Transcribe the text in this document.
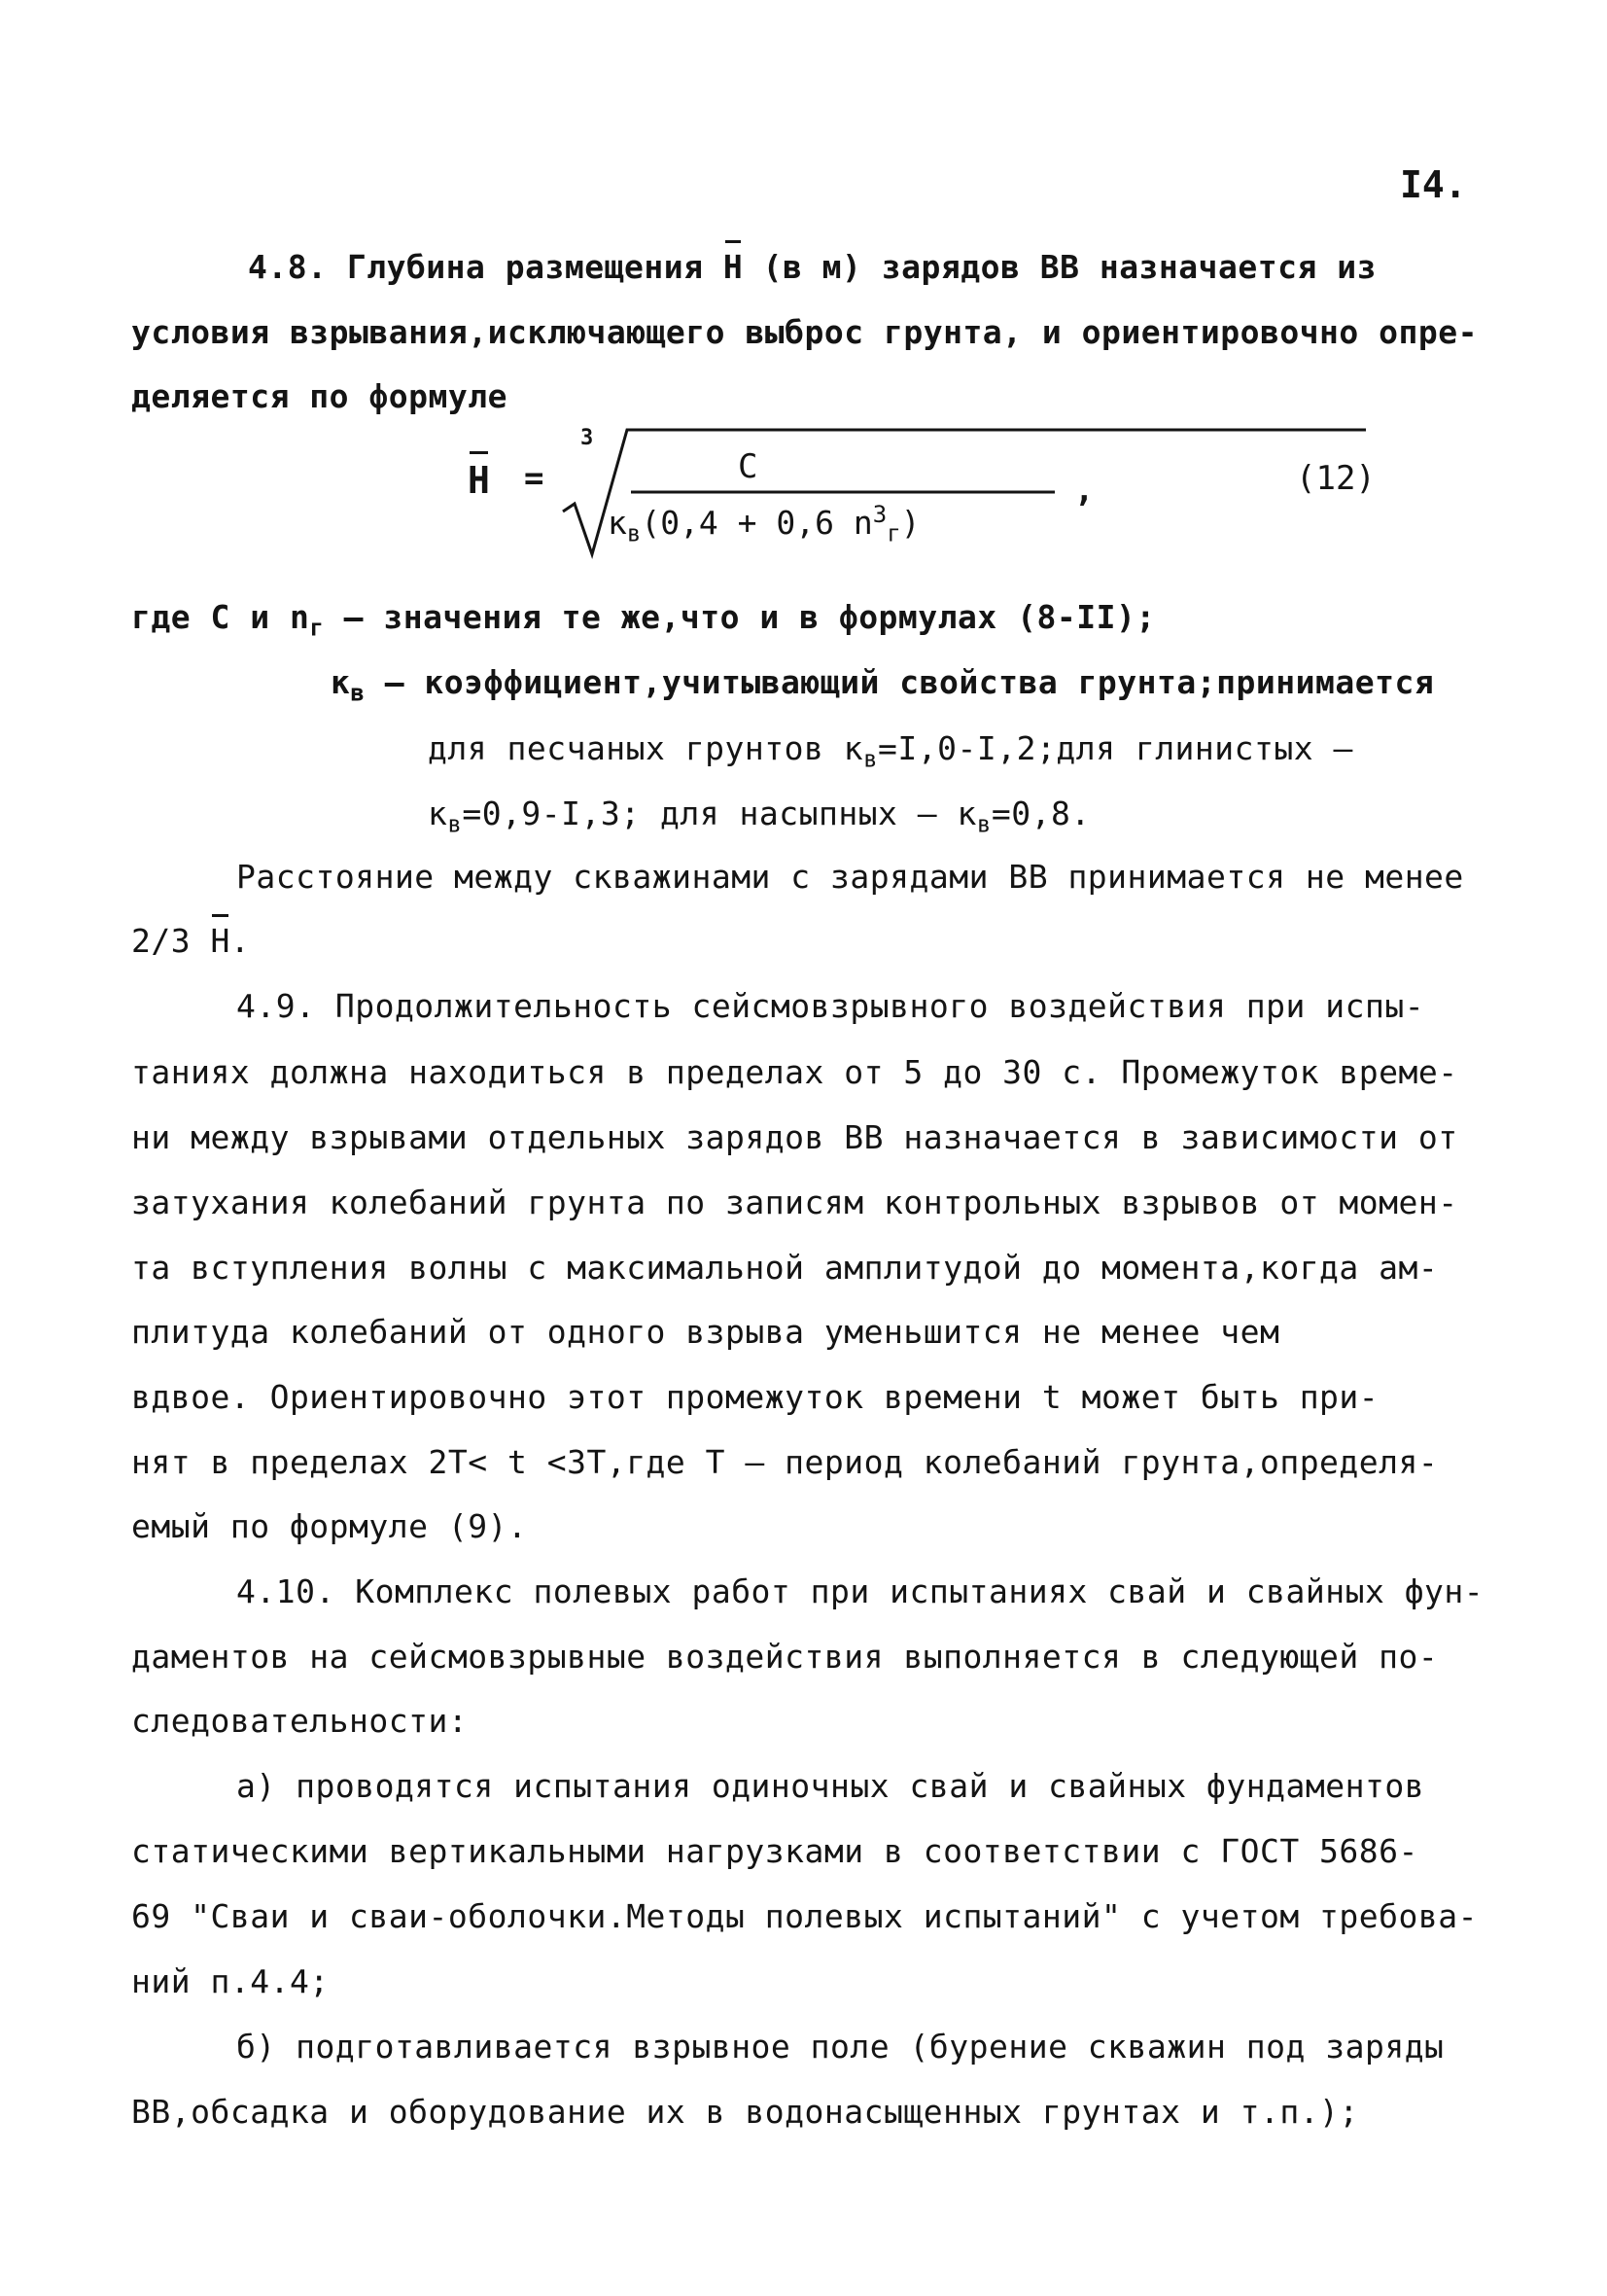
I4.
4.8. Глубина размещения Н (в м) зарядов ВВ назначается из
условия взрывания,исключающего выброс грунта, и ориентировочно опре-
деляется по формуле
Н =
3
C
$к_в(0,4 + 0,6$ $n^3_г$)
,	(12)
где С и $n_г$ – значения те же,что и в формулах (8-II);
$к_в$ – коэффициент,учитывающий свойства грунта;принимается
для песчаных грунтов $к_в=I,0-I,2;для$ глинистых –
$к_в=0,9-I,3$; для насыпных – $к_в=0,8$.
Расстояние между скважинами с зарядами ВВ принимается не менее
2/3 Н.
4.9. Продолжительность сейсмовзрывного воздействия при испы-
таниях должна находиться в пределах от 5 до 30 с. Промежуток време-
ни между взрывами отдельных зарядов ВВ назначается в зависимости от
затухания колебаний грунта по записям контрольных взрывов от момен-
та вступления волны с максимальной амплитудой до момента,когда ам-
плитуда колебаний от одного взрыва уменьшится не менее чем
вдвое. Ориентировочно этот промежуток времени t может быть при-
нят в пределах 2T< t <3T,где Т – период колебаний грунта,определя-
емый по формуле (9).
4.10. Комплекс полевых работ при испытаниях свай и свайных фун-
даментов на сейсмовзрывные воздействия выполняется в следующей по-
следовательности:
а) проводятся испытания одиночных свай и свайных фундаментов
статическими вертикальными нагрузками в соответствии с ГОСТ 5686-
69 "Сваи и сваи-оболочки.Методы полевых испытаний" с учетом требова-
ний п.4.4;
б) подготавливается взрывное поле (бурение скважин под заряды
ВВ,обсадка и оборудование их в водонасыщенных грунтах и т.п.);
